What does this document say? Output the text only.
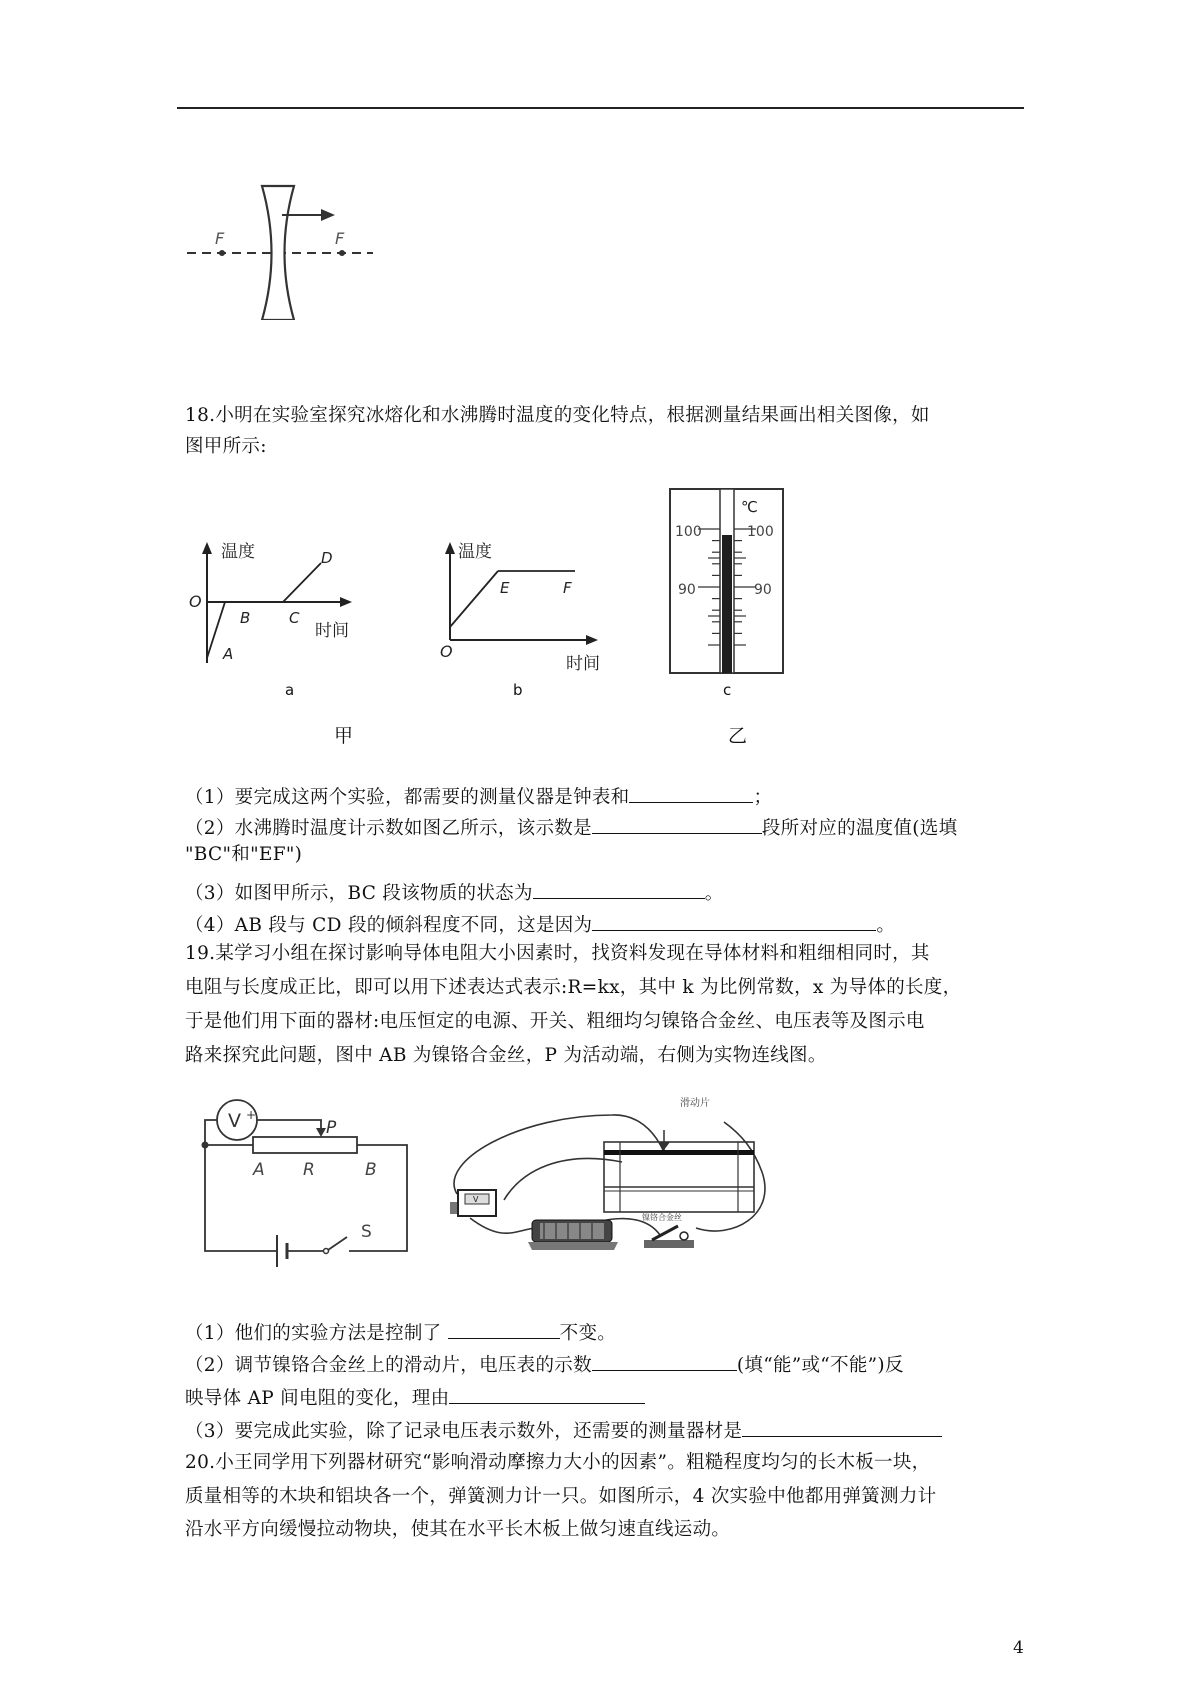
F	F
18.小明在实验室探究冰熔化和水沸腾时温度的变化特点，根据测量结果画出相关图像，如
图甲所示:
温度
O
A
B	C
D
时间
a
温度
O
E	F
时间
b
℃
100	100
90	90
c
甲	乙
（1）要完成这两个实验，都需要的测量仪器是钟表和	；
（2）水沸腾时温度计示数如图乙所示，该示数是	段所对应的温度值(选填
"BC"和"EF")
（3）如图甲所示，BC 段该物质的状态为	。
（4）AB 段与 CD 段的倾斜程度不同，这是因为	。
19.某学习小组在探讨影响导体电阻大小因素时，找资料发现在导体材料和粗细相同时，其
电阻与长度成正比，即可以用下述表达式表示:R=kx，其中 k 为比例常数，x 为导体的长度，
于是他们用下面的器材:电压恒定的电源、开关、粗细均匀镍铬合金丝、电压表等及图示电
路来探究此问题，图中 AB 为镍铬合金丝，P 为活动端，右侧为实物连线图。
V +
P
A R	B
S
V
滑动片
镍铬合金丝
（1）他们的实验方法是控制了	不变。
（2）调节镍铬合金丝上的滑动片，电压表的示数	(填“能”或“不能”)反
映导体 AP 间电阻的变化，理由
（3）要完成此实验，除了记录电压表示数外，还需要的测量器材是
20.小王同学用下列器材研究“影响滑动摩擦力大小的因素”。粗糙程度均匀的长木板一块，
质量相等的木块和铝块各一个，弹簧测力计一只。如图所示，4 次实验中他都用弹簧测力计
沿水平方向缓慢拉动物块，使其在水平长木板上做匀速直线运动。
4
